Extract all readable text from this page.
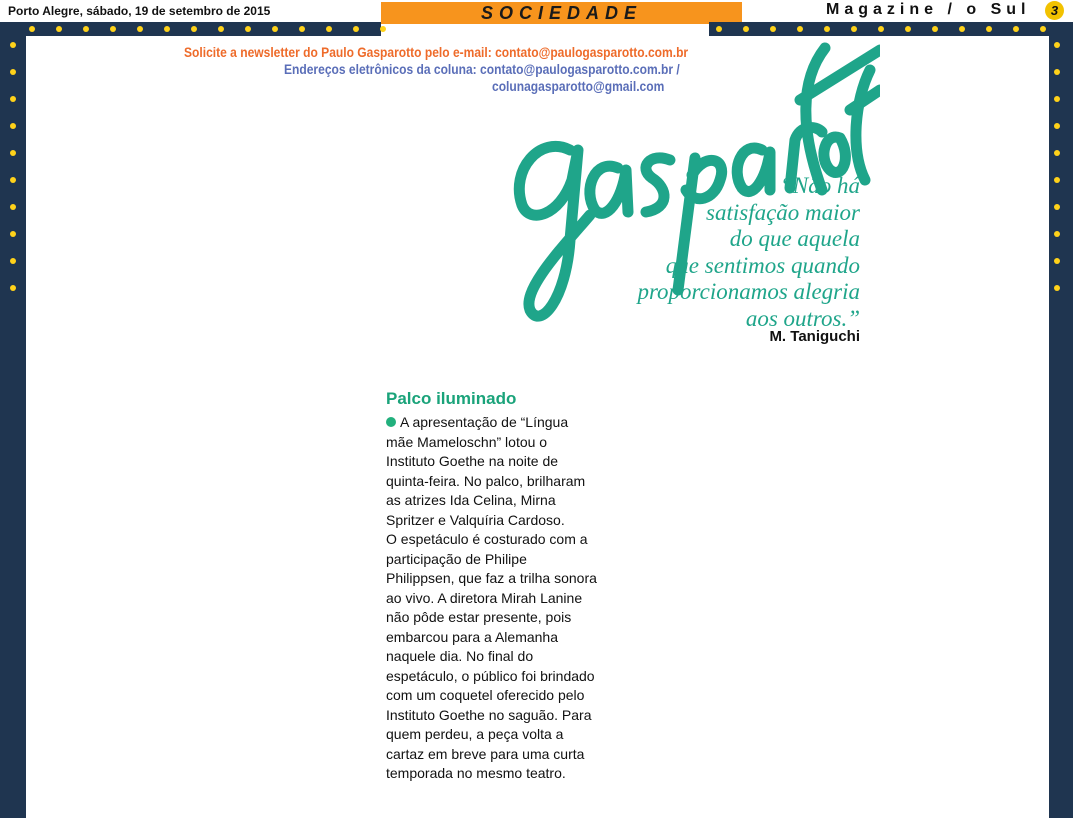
Porto Alegre, sábado, 19 de setembro de 2015	SOCIEDADE	Magazine / o Sul	3
Solicite a newsletter do Paulo Gasparotto pelo e-mail: contato@paulogasparotto.com.br
Endereços eletrônicos da coluna: contato@paulogasparotto.com.br /
colunagasparotto@gmail.com
“Não há
satisfação maior
do que aquela
que sentimos quando
proporcionamos alegria
aos outros.”
M. Taniguchi
Palco iluminado
A apresentação de “Língua
mãe Mameloschn” lotou o
Instituto Goethe na noite de
quinta-feira. No palco, brilharam
as atrizes Ida Celina, Mirna
Spritzer e Valquíria Cardoso.
O espetáculo é costurado com a
participação de Philipe
Philippsen, que faz a trilha sonora
ao vivo. A diretora Mirah Lanine
não pôde estar presente, pois
embarcou para a Alemanha
naquele dia. No final do
espetáculo, o público foi brindado
com um coquetel oferecido pelo
Instituto Goethe no saguão. Para
quem perdeu, a peça volta a
cartaz em breve para uma curta
temporada no mesmo teatro.
